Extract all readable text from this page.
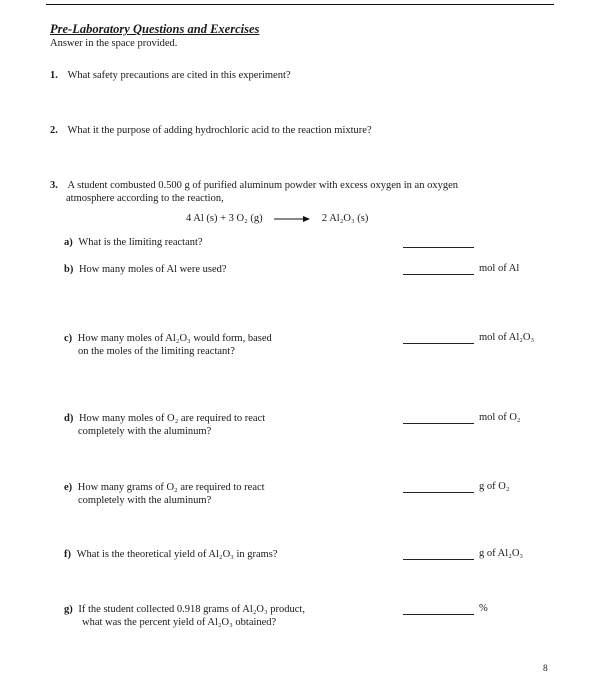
Pre-Laboratory Questions and Exercises
Answer in the space provided.
1. What safety precautions are cited in this experiment?
2. What it the purpose of adding hydrochloric acid to the reaction mixture?
3. A student combusted 0.500 g of purified aluminum powder with excess oxygen in an oxygen
atmosphere according to the reaction,
4 Al (s) + 3 O₂ (g) → 2 Al₂O₃ (s)
a) What is the limiting reactant?
b) How many moles of Al were used?	mol of Al
c) How many moles of Al₂O₃ would form, based
on the moles of the limiting reactant?
mol of Al₂O₃
d) How many moles of O₂ are required to react
completely with the aluminum?
mol of O₂
e) How many grams of O₂ are required to react
completely with the aluminum?
g of O₂
f) What is the theoretical yield of Al₂O₃ in grams?	g of Al₂O₃
g) If the student collected 0.918 grams of Al₂O₃ product,
what was the percent yield of Al₂O₃ obtained?
%
8
